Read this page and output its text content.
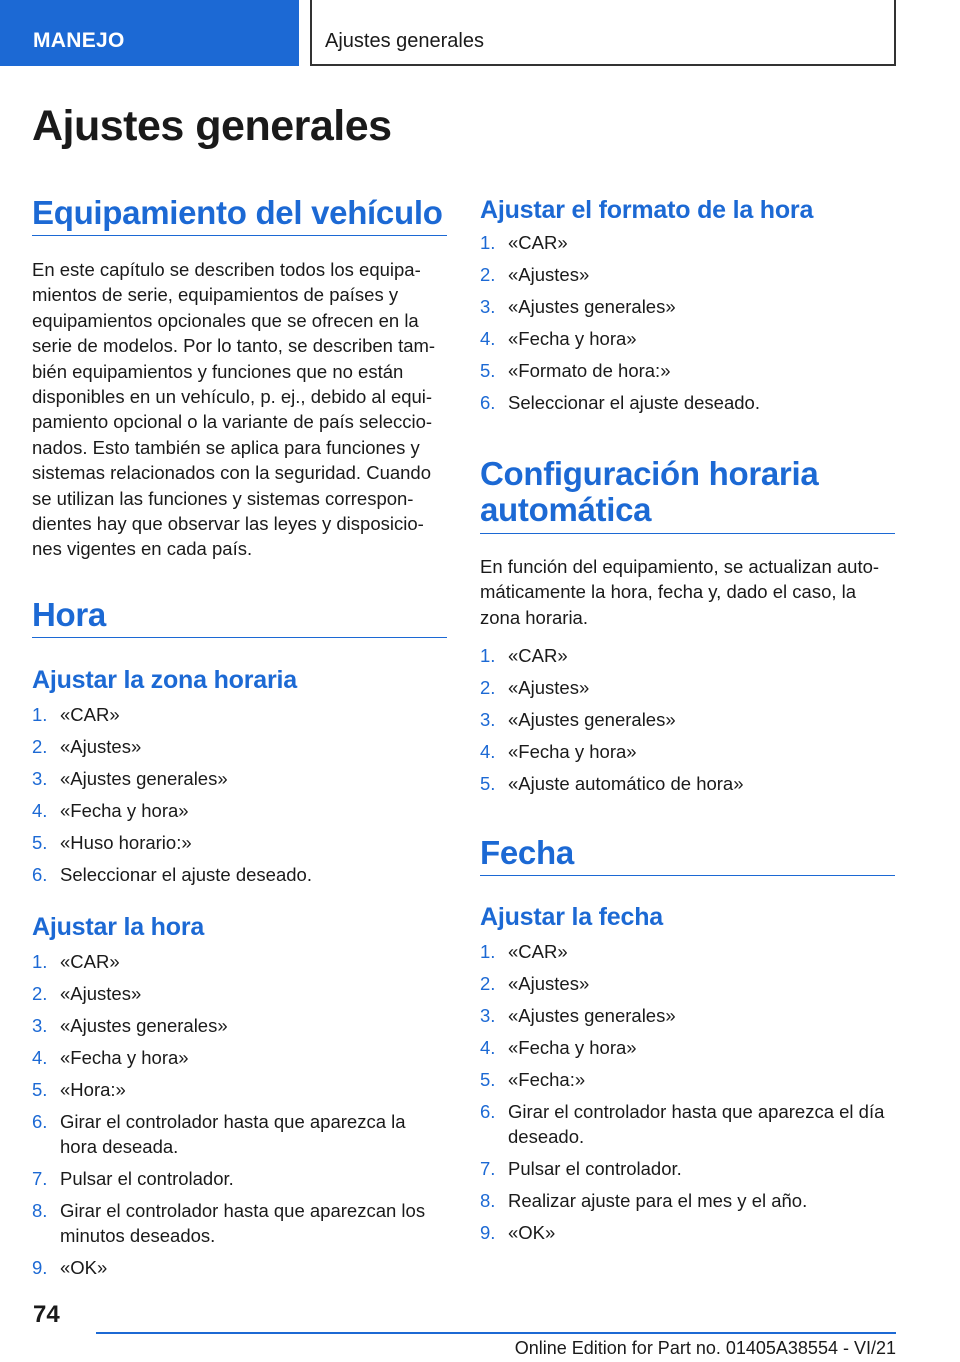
MANEJO	Ajustes generales
Ajustes generales
Equipamiento del vehículo

En este capítulo se describen todos los equipa-mientos de serie, equipamientos de países y equipamientos opcionales que se ofrecen en la serie de modelos. Por lo tanto, se describen tam-bién equipamientos y funciones que no están disponibles en un vehículo, p. ej., debido al equi-pamiento opcional o la variante de país seleccio-nados. Esto también se aplica para funciones y sistemas relacionados con la seguridad. Cuando se utilizan las funciones y sistemas correspon-dientes hay que observar las leyes y disposicio-nes vigentes en cada país.

Hora
Ajustar la zona horaria
1. «CAR»
2. «Ajustes»
3. «Ajustes generales»
4. «Fecha y hora»
5. «Huso horario:»
6. Seleccionar el ajuste deseado.
Ajustar la hora
1. «CAR»
2. «Ajustes»
3. «Ajustes generales»
4. «Fecha y hora»
5. «Hora:»
6. Girar el controlador hasta que aparezca la hora deseada.
7. Pulsar el controlador.
8. Girar el controlador hasta que aparezcan los minutos deseados.
9. «OK»
Ajustar el formato de la hora
1. «CAR»
2. «Ajustes»
3. «Ajustes generales»
4. «Fecha y hora»
5. «Formato de hora:»
6. Seleccionar el ajuste deseado.
Configuración horaria
automática

En función del equipamiento, se actualizan auto-máticamente la hora, fecha y, dado el caso, la zona horaria.

1. «CAR»
2. «Ajustes»
3. «Ajustes generales»
4. «Fecha y hora»
5. «Ajuste automático de hora»
Fecha
Ajustar la fecha
1. «CAR»
2. «Ajustes»
3. «Ajustes generales»
4. «Fecha y hora»
5. «Fecha:»
6. Girar el controlador hasta que aparezca el día deseado.
7. Pulsar el controlador.
8. Realizar ajuste para el mes y el año.
9. «OK»
74
Online Edition for Part no. 01405A38554 - VI/21
